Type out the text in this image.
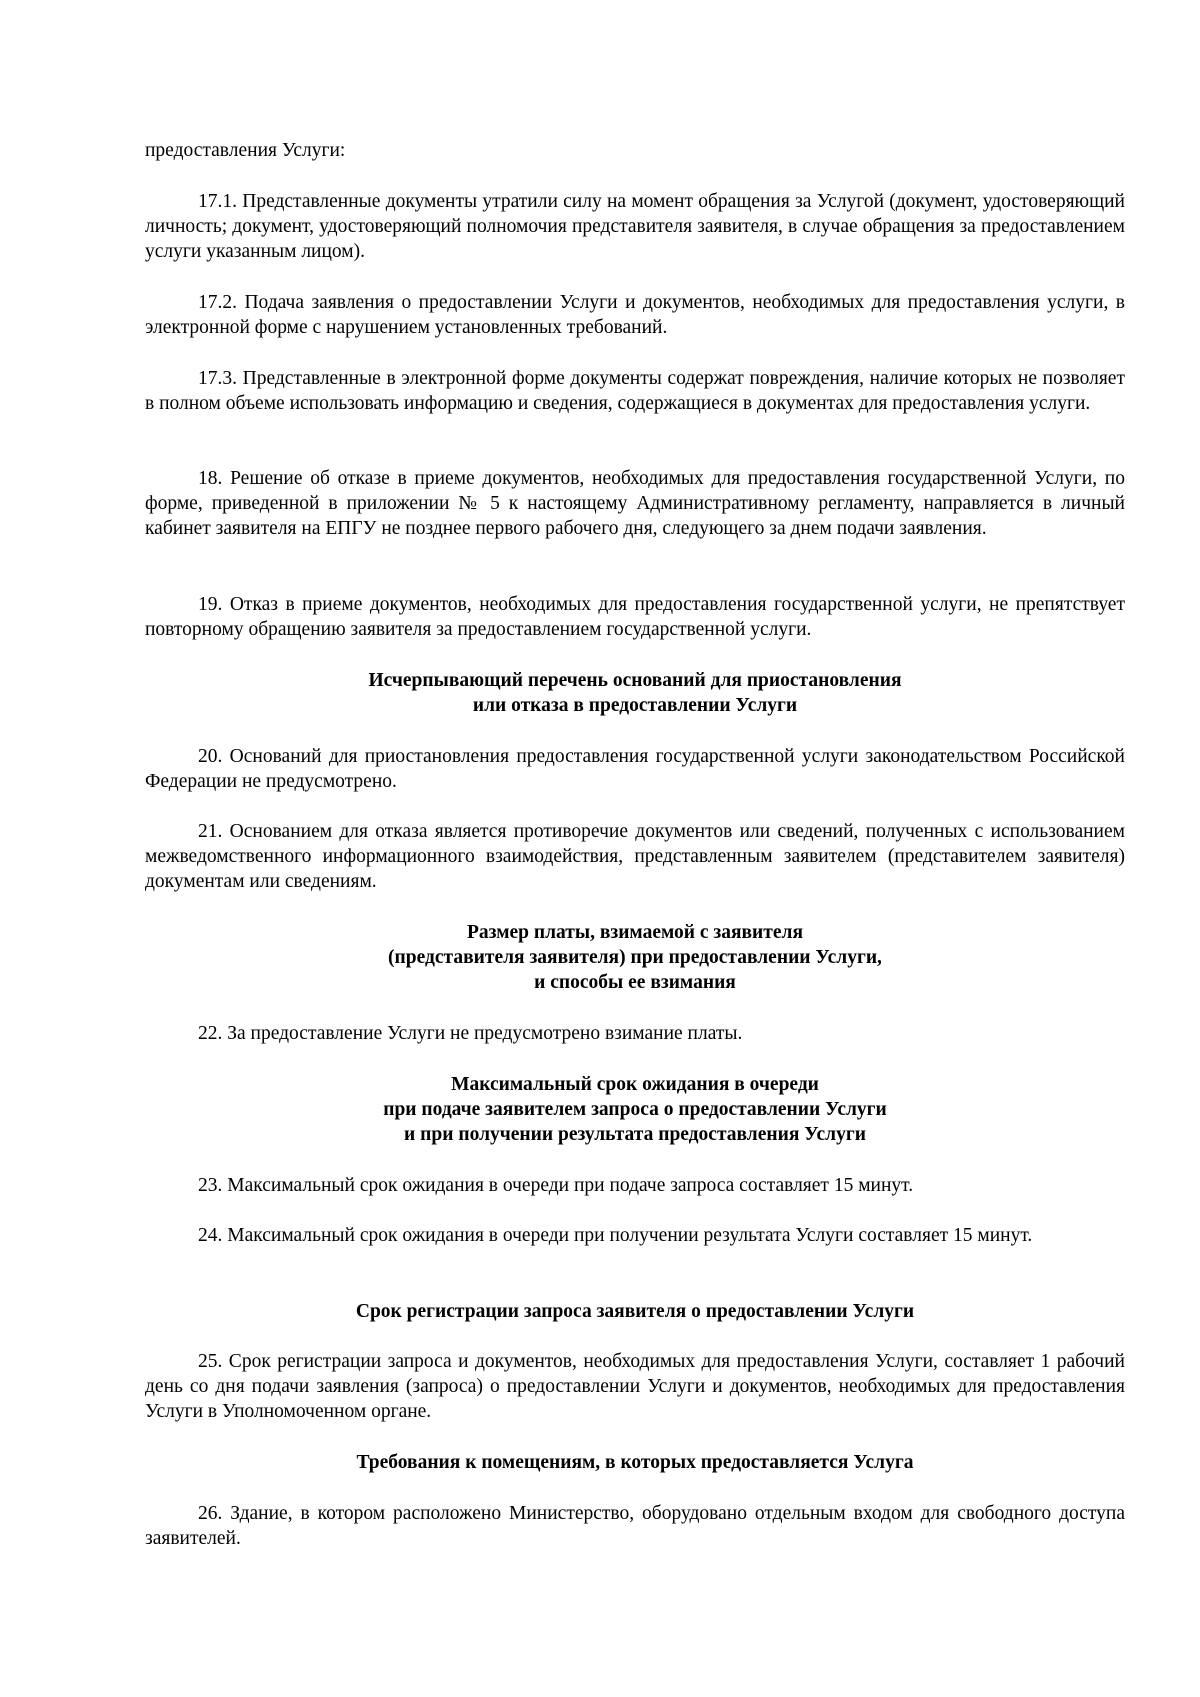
предоставления Услуги:

17.1. Представленные документы утратили силу на момент обращения за Услугой (документ, удостоверяющий личность; документ, удостоверяющий полномочия представителя заявителя, в случае обращения за предоставлением услуги указанным лицом).

17.2. Подача заявления о предоставлении Услуги и документов, необходимых для предоставления услуги, в электронной форме с нарушением установленных требований.

17.3. Представленные в электронной форме документы содержат повреждения, наличие которых не позволяет в полном объеме использовать информацию и сведения, содержащиеся в документах для предоставления услуги.

18. Решение об отказе в приеме документов, необходимых для предоставления государственной Услуги, по форме, приведенной в приложении № 5 к настоящему Административному регламенту, направляется в личный кабинет заявителя на ЕПГУ не позднее первого рабочего дня, следующего за днем подачи заявления.

19. Отказ в приеме документов, необходимых для предоставления государственной услуги, не препятствует повторному обращению заявителя за предоставлением государственной услуги.

Исчерпывающий перечень оснований для приостановления
или отказа в предоставлении Услуги

20. Оснований для приостановления предоставления государственной услуги законодательством Российской Федерации не предусмотрено.

21. Основанием для отказа является противоречие документов или сведений, полученных с использованием межведомственного информационного взаимодействия, представленным заявителем (представителем заявителя) документам или сведениям.

Размер платы, взимаемой с заявителя
(представителя заявителя) при предоставлении Услуги,
и способы ее взимания

22. За предоставление Услуги не предусмотрено взимание платы.

Максимальный срок ожидания в очереди
при подаче заявителем запроса о предоставлении Услуги
и при получении результата предоставления Услуги

23. Максимальный срок ожидания в очереди при подаче запроса составляет 15 минут.

24. Максимальный срок ожидания в очереди при получении результата Услуги составляет 15 минут.

Срок регистрации запроса заявителя о предоставлении Услуги

25. Срок регистрации запроса и документов, необходимых для предоставления Услуги, составляет 1 рабочий день со дня подачи заявления (запроса) о предоставлении Услуги и документов, необходимых для предоставления Услуги в Уполномоченном органе.

Требования к помещениям, в которых предоставляется Услуга

26. Здание, в котором расположено Министерство, оборудовано отдельным входом для свободного доступа заявителей.
